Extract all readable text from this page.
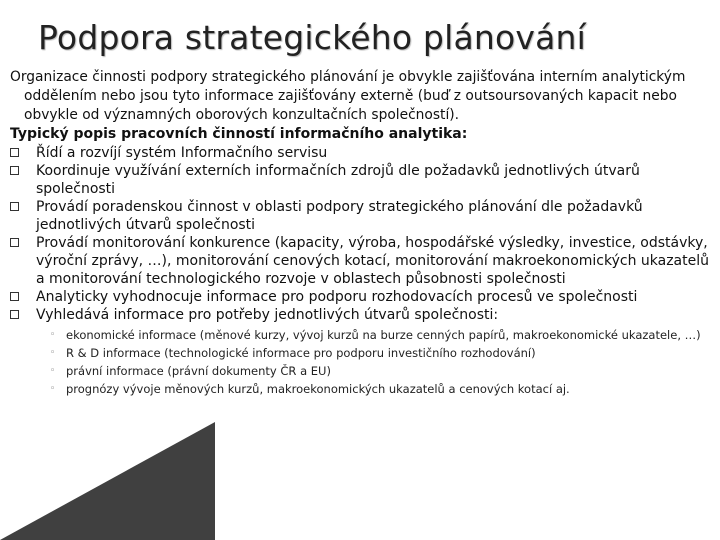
Podpora strategického plánování

Organizace činnosti podpory strategického plánování je obvykle zajišťována interním analytickým oddělením nebo jsou tyto informace zajišťovány externě (buď z outsoursovaných kapacit nebo obvykle od významných oborových konzultačních společností).

Typický popis pracovních činností informačního analytika:

Řídí a rozvíjí systém Informačního servisu
Koordinuje využívání externích informačních zdrojů dle požadavků jednotlivých útvarů společnosti
Provádí poradenskou činnost v oblasti podpory strategického plánování dle požadavků jednotlivých útvarů společnosti
Provádí monitorování konkurence (kapacity, výroba, hospodářské výsledky, investice, odstávky, výroční zprávy, …), monitorování cenových kotací, monitorování makroekonomických ukazatelů a monitorování technologického rozvoje v oblastech působnosti společnosti
Analyticky vyhodnocuje informace pro podporu rozhodovacích procesů ve společnosti
Vyhledává informace pro potřeby jednotlivých útvarů společnosti:
◦ ekonomické informace (měnové kurzy, vývoj kurzů na burze cenných papírů, makroekonomické ukazatele, …)
◦ R & D informace (technologické informace pro podporu investičního rozhodování)
◦ právní informace (právní dokumenty ČR a EU)
◦ prognózy vývoje měnových kurzů, makroekonomických ukazatelů a cenových kotací aj.
